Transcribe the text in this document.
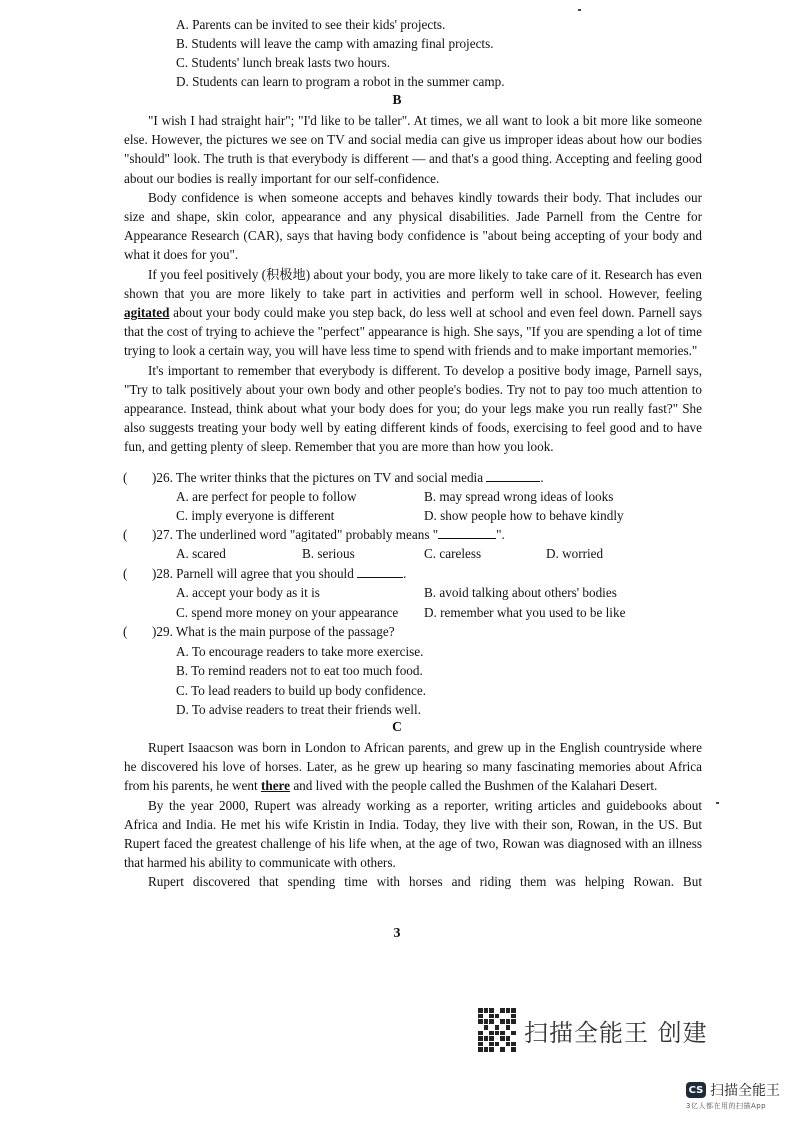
A. Parents can be invited to see their kids' projects.
B. Students will leave the camp with amazing final projects.
C. Students' lunch break lasts two hours.
D. Students can learn to program a robot in the summer camp.
B

"I wish I had straight hair"; "I'd like to be taller". At times, we all want to look a bit more like someone else. However, the pictures we see on TV and social media can give us improper ideas about how our bodies "should" look. The truth is that everybody is different — and that's a good thing. Accepting and feeling good about our bodies is really important for our self-confidence.

Body confidence is when someone accepts and behaves kindly towards their body. That includes our size and shape, skin color, appearance and any physical disabilities. Jade Parnell from the Centre for Appearance Research (CAR), says that having body confidence is "about being accepting of your body and what it does for you".

If you feel positively (积极地) about your body, you are more likely to take care of it. Research has even shown that you are more likely to take part in activities and perform well in school. However, feeling agitated about your body could make you step back, do less well at school and even feel down. Parnell says that the cost of trying to achieve the "perfect" appearance is high. She says, "If you are spending a lot of time trying to look a certain way, you will have less time to spend with friends and to make important memories."

It's important to remember that everybody is different. To develop a positive body image, Parnell says, "Try to talk positively about your own body and other people's bodies. Try not to pay too much attention to appearance. Instead, think about what your body does for you; do your legs make you run really fast?" She also suggests treating your body well by eating different kinds of foods, exercising to feel good and to have fun, and getting plenty of sleep. Remember that you are more than how you look.

( )26. The writer thinks that the pictures on TV and social media	.
A. are perfect for people to follow	B. may spread wrong ideas of looks
C. imply everyone is different	D. show people how to behave kindly
( )27. The underlined word "agitated" probably means "	".
A. scared	B. serious	C. careless	D. worried
( )28. Parnell will agree that you should	.
A. accept your body as it is	B. avoid talking about others' bodies
C. spend more money on your appearance D. remember what you used to be like
( )29. What is the main purpose of the passage?
A. To encourage readers to take more exercise.
B. To remind readers not to eat too much food.
C. To lead readers to build up body confidence.
D. To advise readers to treat their friends well.
C

Rupert Isaacson was born in London to African parents, and grew up in the English countryside where he discovered his love of horses. Later, as he grew up hearing so many fascinating memories about Africa from his parents, he went there and lived with the people called the Bushmen of the Kalahari Desert.

By the year 2000, Rupert was already working as a reporter, writing articles and guidebooks about Africa and India. He met his wife Kristin in India. Today, they live with their son, Rowan, in the US. But Rupert faced the greatest challenge of his life when, at the age of two, Rowan was diagnosed with an illness that harmed his ability to communicate with others.

Rupert discovered that spending time with horses and riding them was helping Rowan. But

3
扫描全能王 创建
CS 扫描全能王
3亿人都在用的扫描App
